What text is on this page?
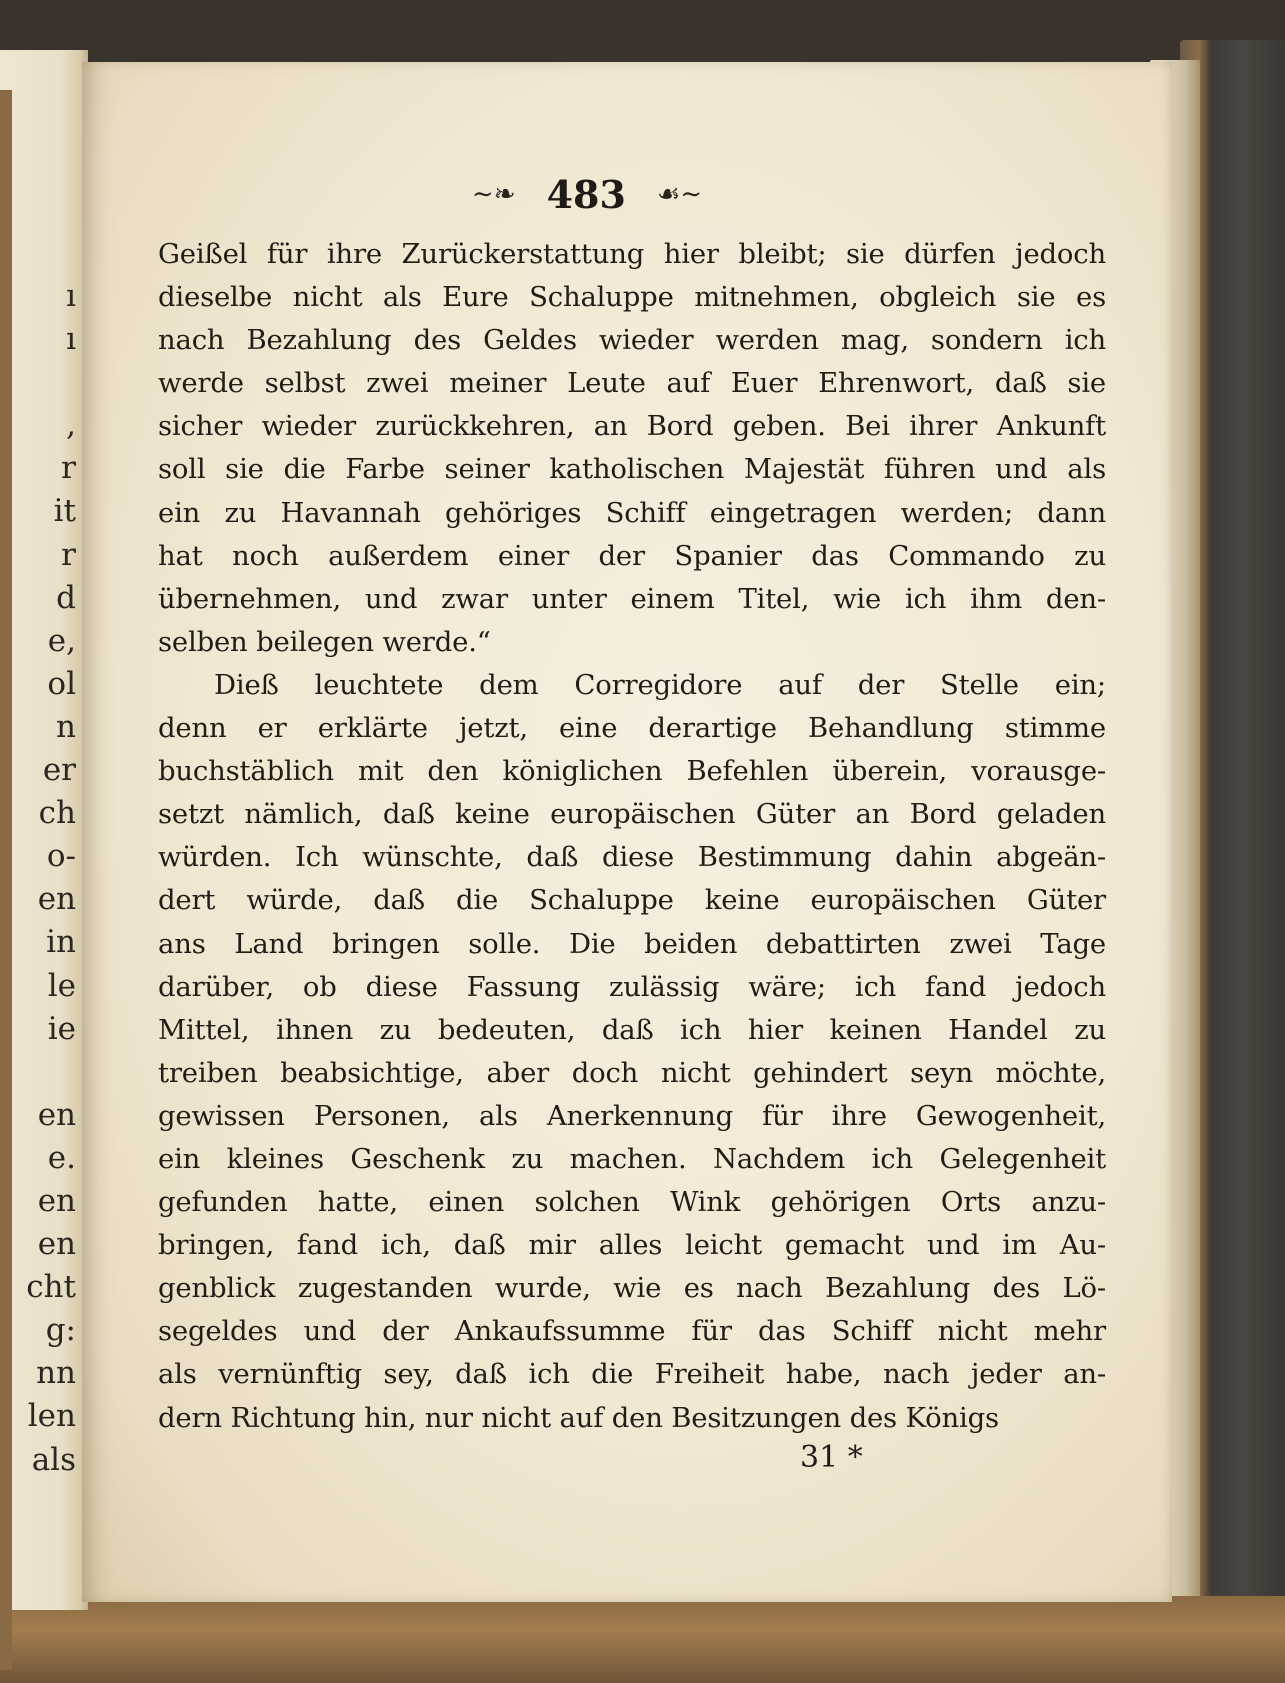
ı
ı
,
r
it
r
d
e,
ol
n
er
ch
o-
en
in
le
ie
en
e.
en
en
cht
g:
nn
len
als
∼❧ 483 ☙∼
Geißel für ihre Zurückerstattung hier bleibt; sie dürfen jedoch
dieselbe nicht als Eure Schaluppe mitnehmen, obgleich sie es
nach Bezahlung des Geldes wieder werden mag, sondern ich
werde selbst zwei meiner Leute auf Euer Ehrenwort, daß sie
sicher wieder zurückkehren, an Bord geben. Bei ihrer Ankunft
soll sie die Farbe seiner katholischen Majestät führen und als
ein zu Havannah gehöriges Schiff eingetragen werden; dann
hat noch außerdem einer der Spanier das Commando zu
übernehmen, und zwar unter einem Titel, wie ich ihm den-
selben beilegen werde.“
Dieß leuchtete dem Corregidore auf der Stelle ein;
denn er erklärte jetzt, eine derartige Behandlung stimme
buchstäblich mit den königlichen Befehlen überein, vorausge-
setzt nämlich, daß keine europäischen Güter an Bord geladen
würden. Ich wünschte, daß diese Bestimmung dahin abgeän-
dert würde, daß die Schaluppe keine europäischen Güter
ans Land bringen solle. Die beiden debattirten zwei Tage
darüber, ob diese Fassung zulässig wäre; ich fand jedoch
Mittel, ihnen zu bedeuten, daß ich hier keinen Handel zu
treiben beabsichtige, aber doch nicht gehindert seyn möchte,
gewissen Personen, als Anerkennung für ihre Gewogenheit,
ein kleines Geschenk zu machen. Nachdem ich Gelegenheit
gefunden hatte, einen solchen Wink gehörigen Orts anzu-
bringen, fand ich, daß mir alles leicht gemacht und im Au-
genblick zugestanden wurde, wie es nach Bezahlung des Lö-
segeldes und der Ankaufssumme für das Schiff nicht mehr
als vernünftig sey, daß ich die Freiheit habe, nach jeder an-
dern Richtung hin, nur nicht auf den Besitzungen des Königs
31 *
